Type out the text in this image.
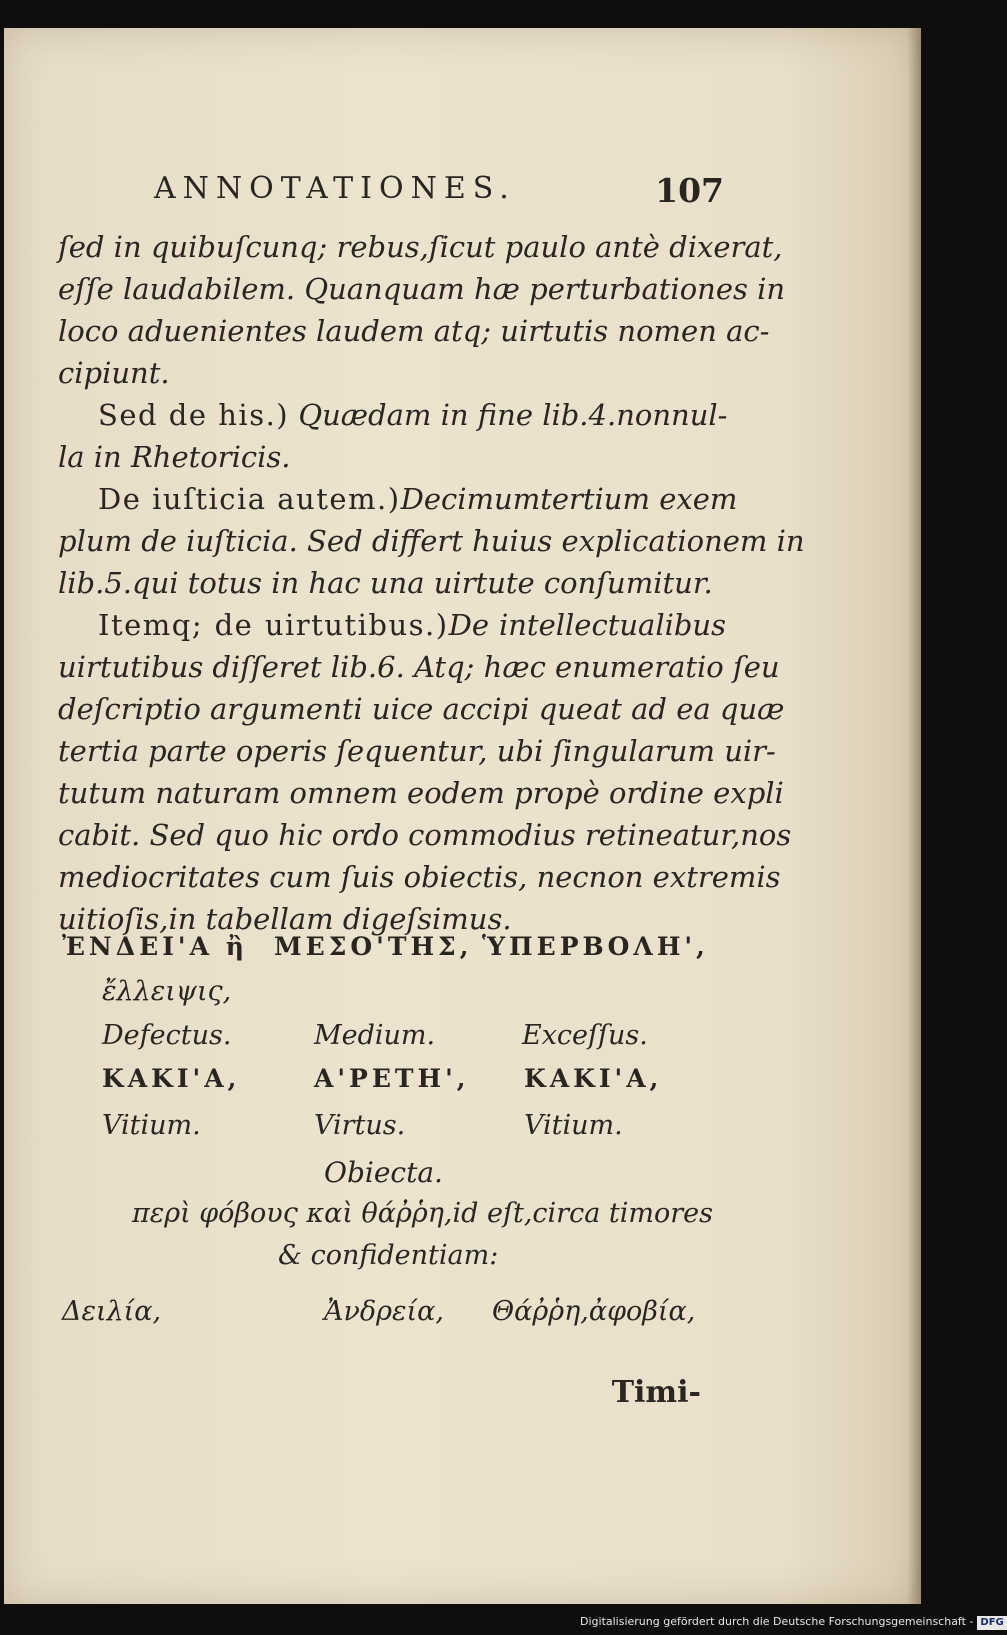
ANNOTATIONES.	107
ſed in quibuſcunq; rebus,ſicut paulo antè dixerat,
eſſe laudabilem. Quanquam hæ perturbationes in
loco aduenientes laudem atq; uirtutis nomen ac-
cipiunt.
Sed de his.) Quædam in fine lib.4.nonnul-
la in Rhetoricis.
De iuſticia autem.)Decimumtertium exem
plum de iuſticia. Sed differt huius explicationem in
lib.5.qui totus in hac una uirtute conſumitur.
Itemq; de uirtutibus.)De intellectualibus
uirtutibus diſſeret lib.6. Atq; hæc enumeratio ſeu
deſcriptio argumenti uice accipi queat ad ea quæ
tertia parte operis ſequentur, ubi ſingularum uir-
tutum naturam omnem eodem propè ordine expli
cabit. Sed quo hic ordo commodius retineatur,nos
mediocritates cum ſuis obiectis, necnon extremis
uitioſis,in tabellam digeſsimus.
ἘΝΔΕΙ'Α ἢ ΜΕΣΟ'ΤΗΣ, ὙΠΕΡΒΟΛΗ',
ἔλλειψις,
Defectus.	Medium.	Exceſſus.
ΚΑΚΙ'Α,	Α'ΡΕΤΗ', ΚΑΚΙ'Α,
Vitium.	Virtus.	Vitium.
Obiecta.
περὶ φόβους καὶ θάῤῥη,id eſt,circa timores
& confidentiam:
Δειλία,	Ἀνδρεία, Θάῤῥη,ἀφοβία,
Timi-
Digitalisierung gefördert durch die Deutsche Forschungsgemeinschaft - DFG
